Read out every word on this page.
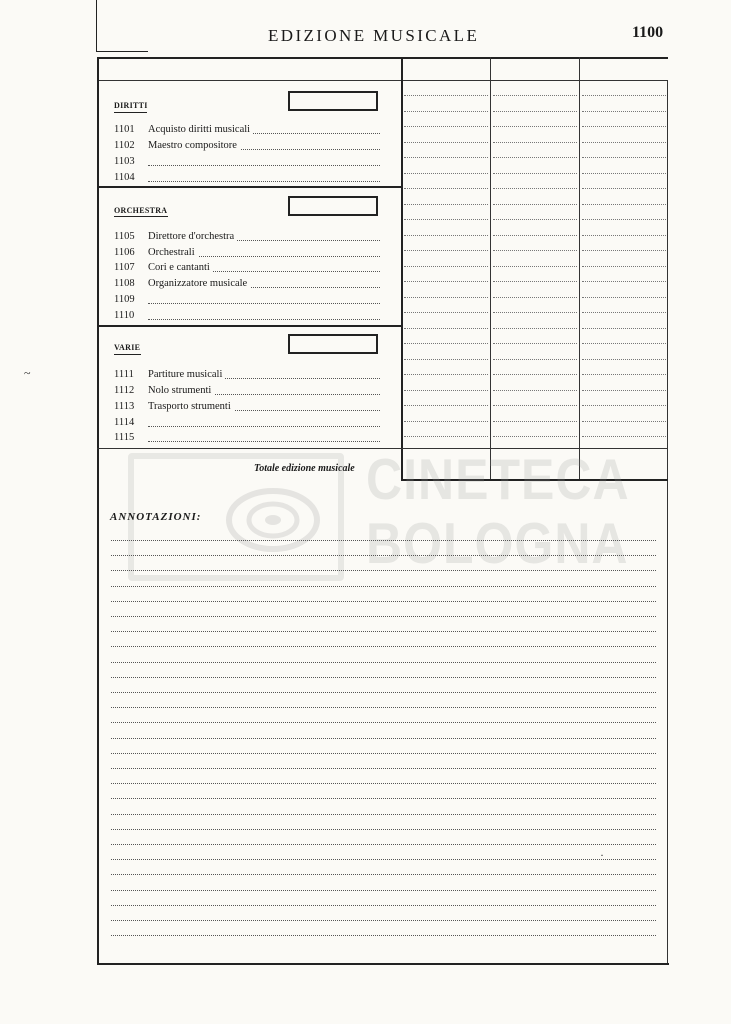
EDIZIONE MUSICALE	1100
DIRITTI
1101 Acquisto diritti musicali
1102 Maestro compositore
1103
1104
ORCHESTRA
1105 Direttore d'orchestra
1106 Orchestrali
1107 Cori e cantanti
1108 Organizzatore musicale
1109
1110
VARIE
1111 Partiture musicali
1112 Nolo strumenti
1113 Trasporto strumenti
1114
1115
Totale edizione musicale CINETECA
BOLOGNA
ANNOTAZIONI:
~
·
